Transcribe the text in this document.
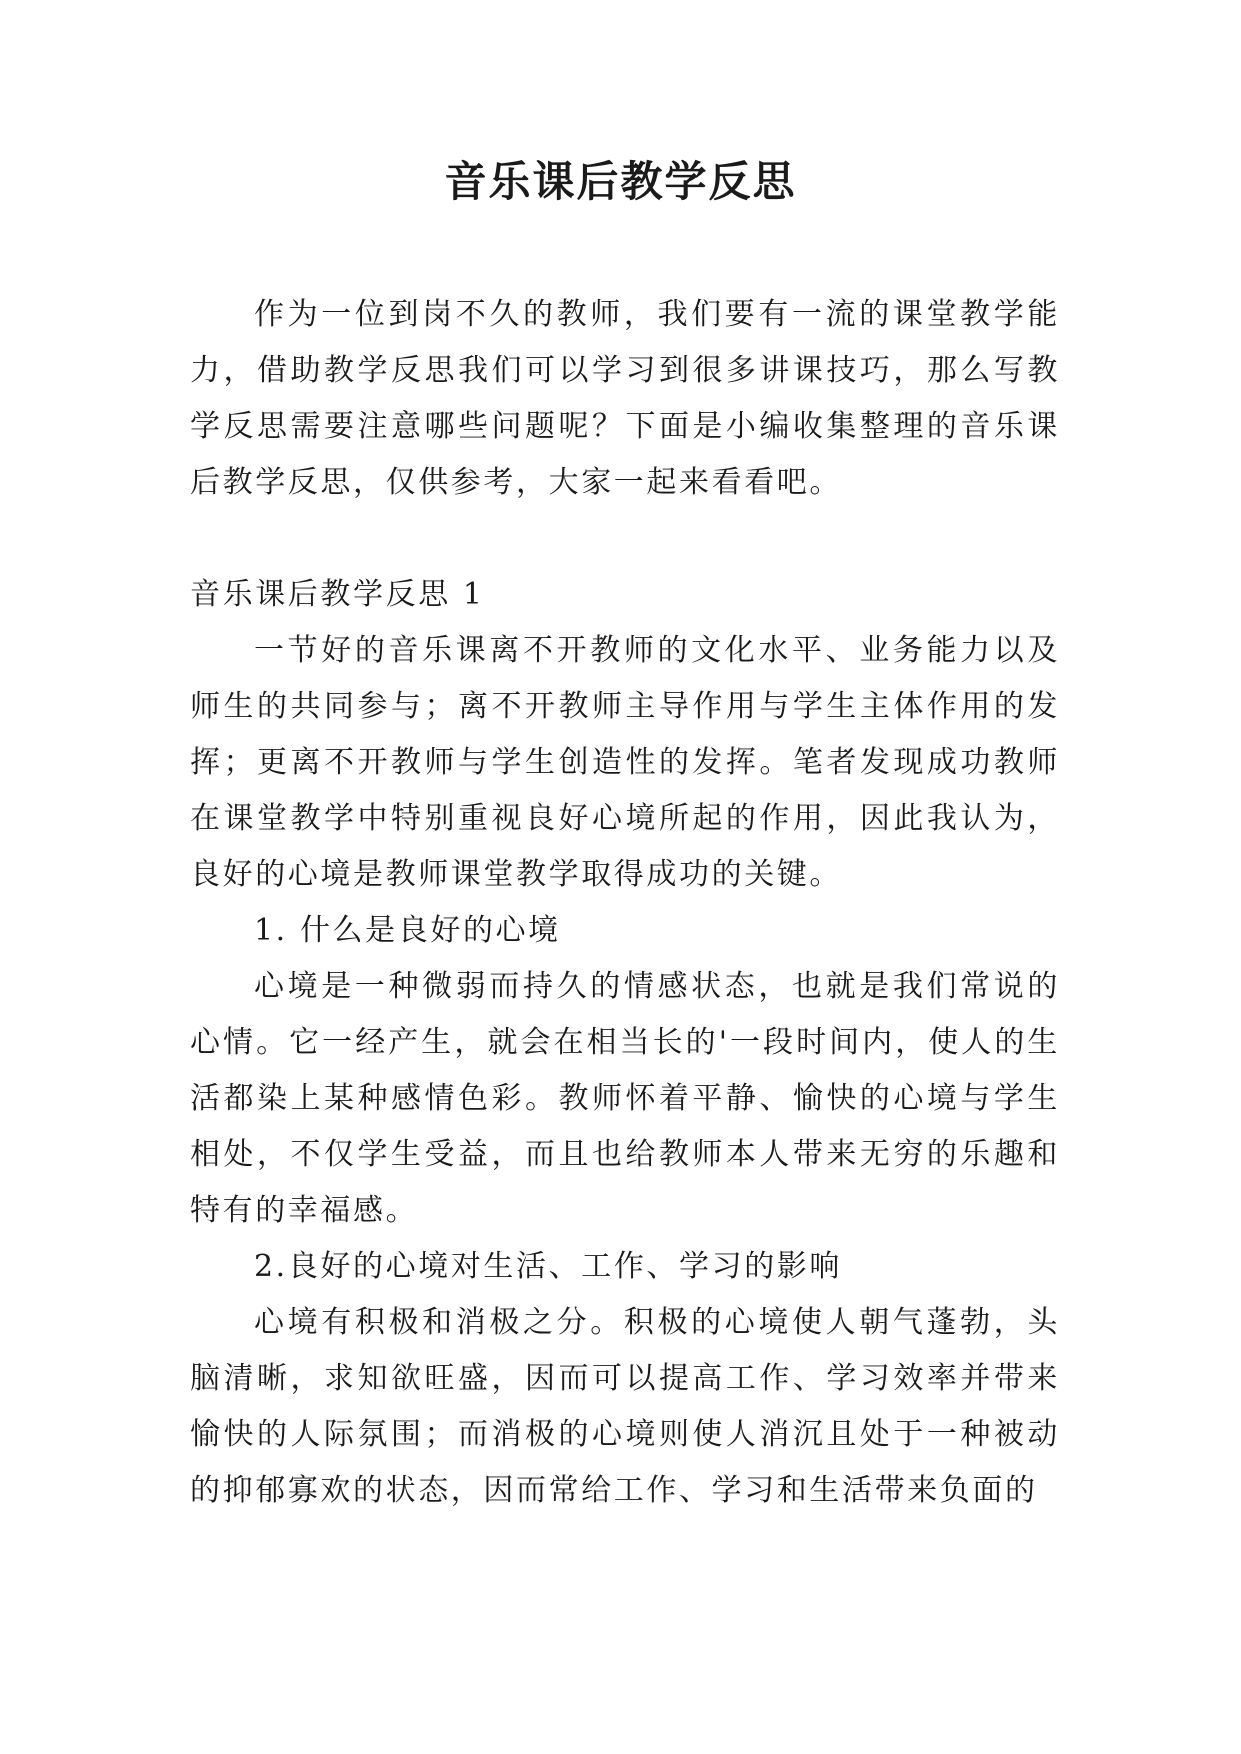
音乐课后教学反思

作为一位到岗不久的教师，我们要有一流的课堂教学能力，借助教学反思我们可以学习到很多讲课技巧，那么写教学反思需要注意哪些问题呢？下面是小编收集整理的音乐课后教学反思，仅供参考，大家一起来看看吧。

音乐课后教学反思 1

一节好的音乐课离不开教师的文化水平、业务能力以及师生的共同参与；离不开教师主导作用与学生主体作用的发挥；更离不开教师与学生创造性的发挥。笔者发现成功教师在课堂教学中特别重视良好心境所起的作用，因此我认为，良好的心境是教师课堂教学取得成功的关键。

1. 什么是良好的心境

心境是一种微弱而持久的情感状态，也就是我们常说的心情。它一经产生，就会在相当长的'一段时间内，使人的生活都染上某种感情色彩。教师怀着平静、愉快的心境与学生相处，不仅学生受益，而且也给教师本人带来无穷的乐趣和特有的幸福感。

2.良好的心境对生活、工作、学习的影响

心境有积极和消极之分。积极的心境使人朝气蓬勃，头脑清晰，求知欲旺盛，因而可以提高工作、学习效率并带来愉快的人际氛围；而消极的心境则使人消沉且处于一种被动的抑郁寡欢的状态，因而常给工作、学习和生活带来负面的
